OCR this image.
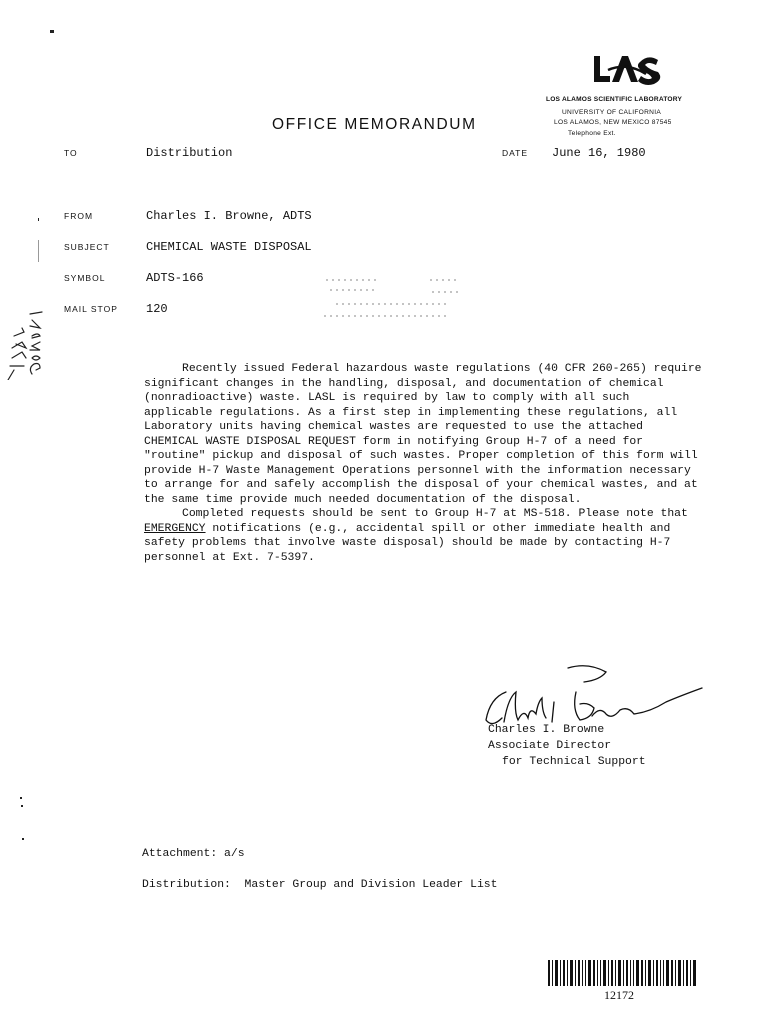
LOS ALAMOS SCIENTIFIC LABORATORY
UNIVERSITY OF CALIFORNIA
LOS ALAMOS, NEW MEXICO 87545
Telephone Ext.
OFFICE MEMORANDUM
TO	Distribution	DATE June 16, 1980
FROM	Charles I. Browne, ADTS
SUBJECT	CHEMICAL WASTE DISPOSAL
SYMBOL	ADTS-166
MAIL STOP 120

Recently issued Federal hazardous waste regulations (40 CFR 260-265) require significant changes in the handling, disposal, and documentation of chemical (nonradioactive) waste. LASL is required by law to comply with all such applicable regulations. As a first step in implementing these regulations, all Laboratory units having chemical wastes are requested to use the attached CHEMICAL WASTE DISPOSAL REQUEST form in notifying Group H-7 of a need for "routine" pickup and disposal of such wastes. Proper completion of this form will provide H-7 Waste Management Operations personnel with the information necessary to arrange for and safely accomplish the disposal of your chemical wastes, and at the same time provide much needed documentation of the disposal.

Completed requests should be sent to Group H-7 at MS-518. Please note that EMERGENCY notifications (e.g., accidental spill or other immediate health and safety problems that involve waste disposal) should be made by contacting H-7 personnel at Ext. 7-5397.

Charles I. Browne
Associate Director
for Technical Support
Attachment: a/s
Distribution:  Master Group and Division Leader List
12172
